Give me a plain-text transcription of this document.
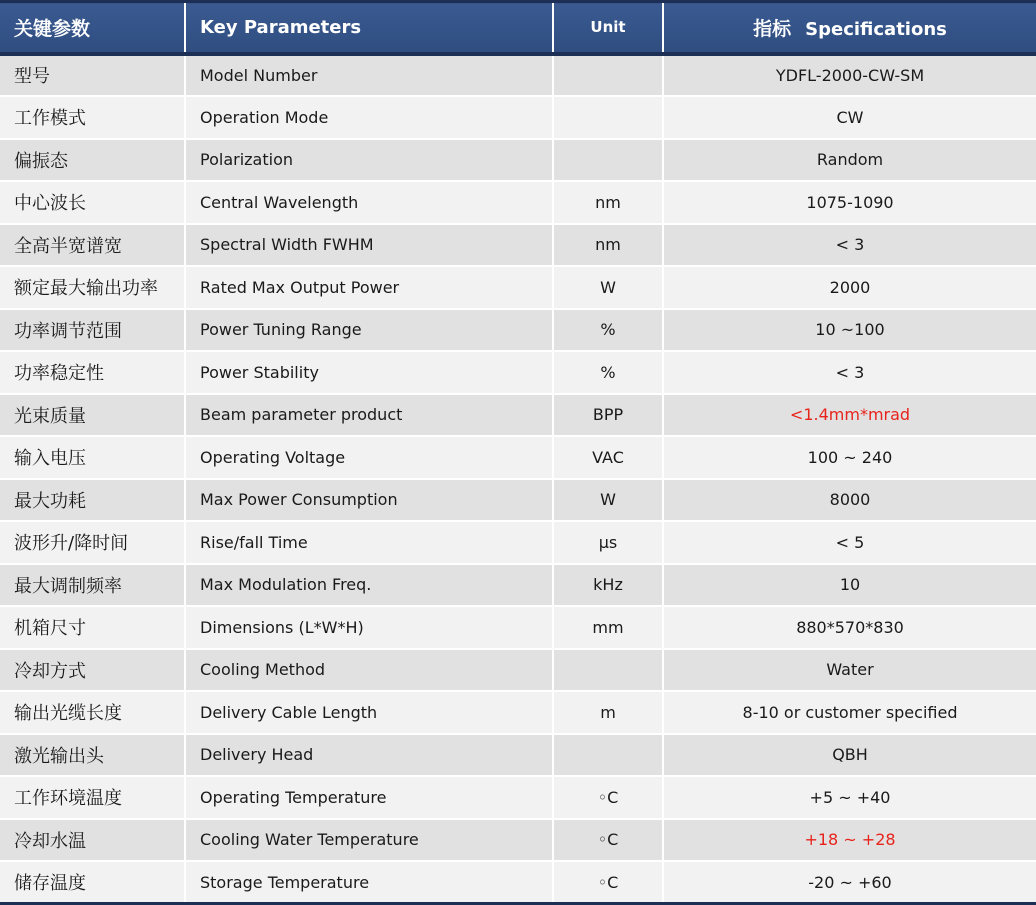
关键参数	Key Parameters	Unit	指标 Specifications
型号	Model Number		YDFL-2000-CW-SM
工作模式	Operation Mode		CW
偏振态	Polarization		Random
中心波长	Central Wavelength	nm	1075-1090
全高半宽谱宽	Spectral Width FWHM	nm	< 3
额定最大输出功率	Rated Max Output Power	W	2000
功率调节范围	Power Tuning Range	%	10 ~100
功率稳定性	Power Stability	%	< 3
光束质量	Beam parameter product	BPP	<1.4mm*mrad
输入电压	Operating Voltage	VAC	100 ~ 240
最大功耗	Max Power Consumption	W	8000
波形升/降时间	Rise/fall Time	μs	< 5
最大调制频率	Max Modulation Freq.	kHz	10
机箱尺寸	Dimensions (L*W*H)	mm	880*570*830
冷却方式	Cooling Method		Water
输出光缆长度	Delivery Cable Length	m	8-10 or customer specified
激光输出头	Delivery Head		QBH
工作环境温度	Operating Temperature	◦C	+5 ~ +40
冷却水温	Cooling Water Temperature	◦C	+18 ~ +28
储存温度	Storage Temperature	◦C	-20 ~ +60
